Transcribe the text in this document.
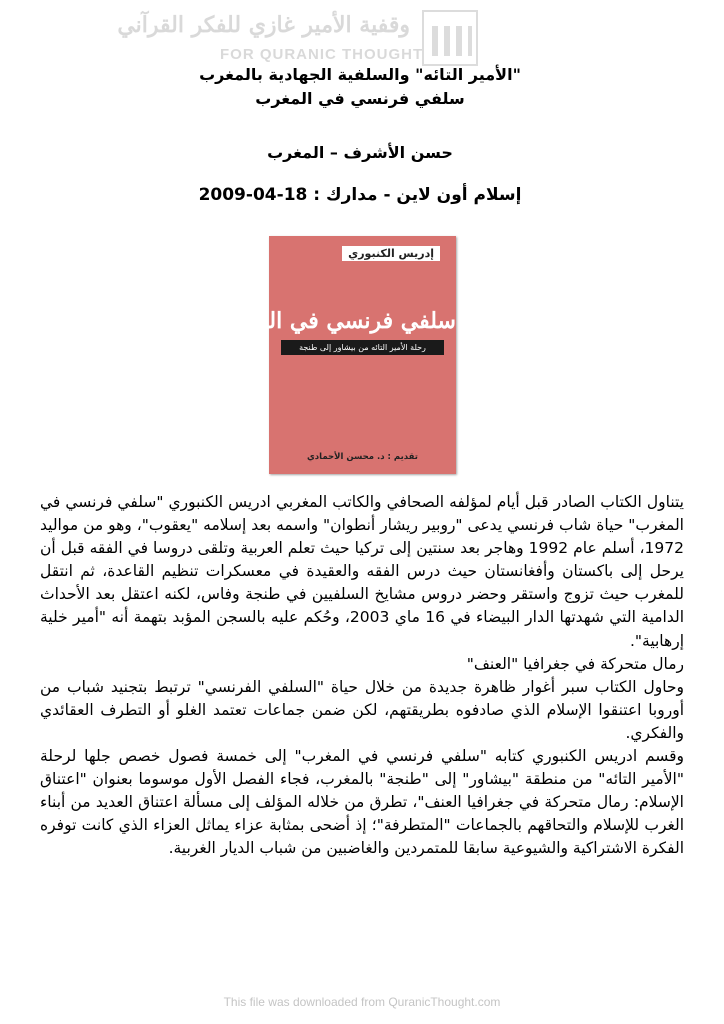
وقفية الأمير غازي للفكر القرآني
FOR QURANIC THOUGHT
"الأمير التائه" والسلفية الجهادية بالمغرب
سلفي فرنسي في المغرب
حسن الأشرف – المغرب
إسلام أون لاين - مدارك : 18-04-2009
إدريس الكنبوري
سلفي فرنسي في المغرب
رحلة الأمير التائه من بيشاور إلى طنجة
تقديم : د. محسن الأحمادي

يتناول الكتاب الصادر قبل أيام لمؤلفه الصحافي والكاتب المغربي ادريس الكنبوري "سلفي فرنسي في المغرب" حياة شاب فرنسي يدعى "روبير ريشار أنطوان" واسمه بعد إسلامه "يعقوب"، وهو من مواليد 1972، أسلم عام 1992 وهاجر بعد سنتين إلى تركيا حيث تعلم العربية وتلقى دروسا في الفقه قبل أن يرحل إلى باكستان وأفغانستان حيث درس الفقه والعقيدة في معسكرات تنظيم القاعدة، ثم انتقل للمغرب حيث تزوج واستقر وحضر دروس مشايخ السلفيين في طنجة وفاس، لكنه اعتقل بعد الأحداث الدامية التي شهدتها الدار البيضاء في 16 ماي 2003، وحُكم عليه بالسجن المؤبد بتهمة أنه "أمير خلية إرهابية".

رمال متحركة في جغرافيا "العنف"

وحاول الكتاب سبر أغوار ظاهرة جديدة من خلال حياة "السلفي الفرنسي" ترتبط بتجنيد شباب من أوروبا اعتنقوا الإسلام الذي صادفوه بطريقتهم، لكن ضمن جماعات تعتمد الغلو أو التطرف العقائدي والفكري.

وقسم ادريس الكنبوري كتابه "سلفي فرنسي في المغرب" إلى خمسة فصول خصص جلها لرحلة "الأمير التائه" من منطقة "بيشاور" إلى "طنجة" بالمغرب، فجاء الفصل الأول موسوما بعنوان "اعتناق الإسلام: رمال متحركة في جغرافيا العنف"، تطرق من خلاله المؤلف إلى مسألة اعتناق العديد من أبناء الغرب للإسلام والتحاقهم بالجماعات "المتطرفة"؛ إذ أضحى بمثابة عزاء يماثل العزاء الذي كانت توفره الفكرة الاشتراكية والشيوعية سابقا للمتمردين والغاضبين من شباب الديار الغربية.

This file was downloaded from QuranicThought.com
